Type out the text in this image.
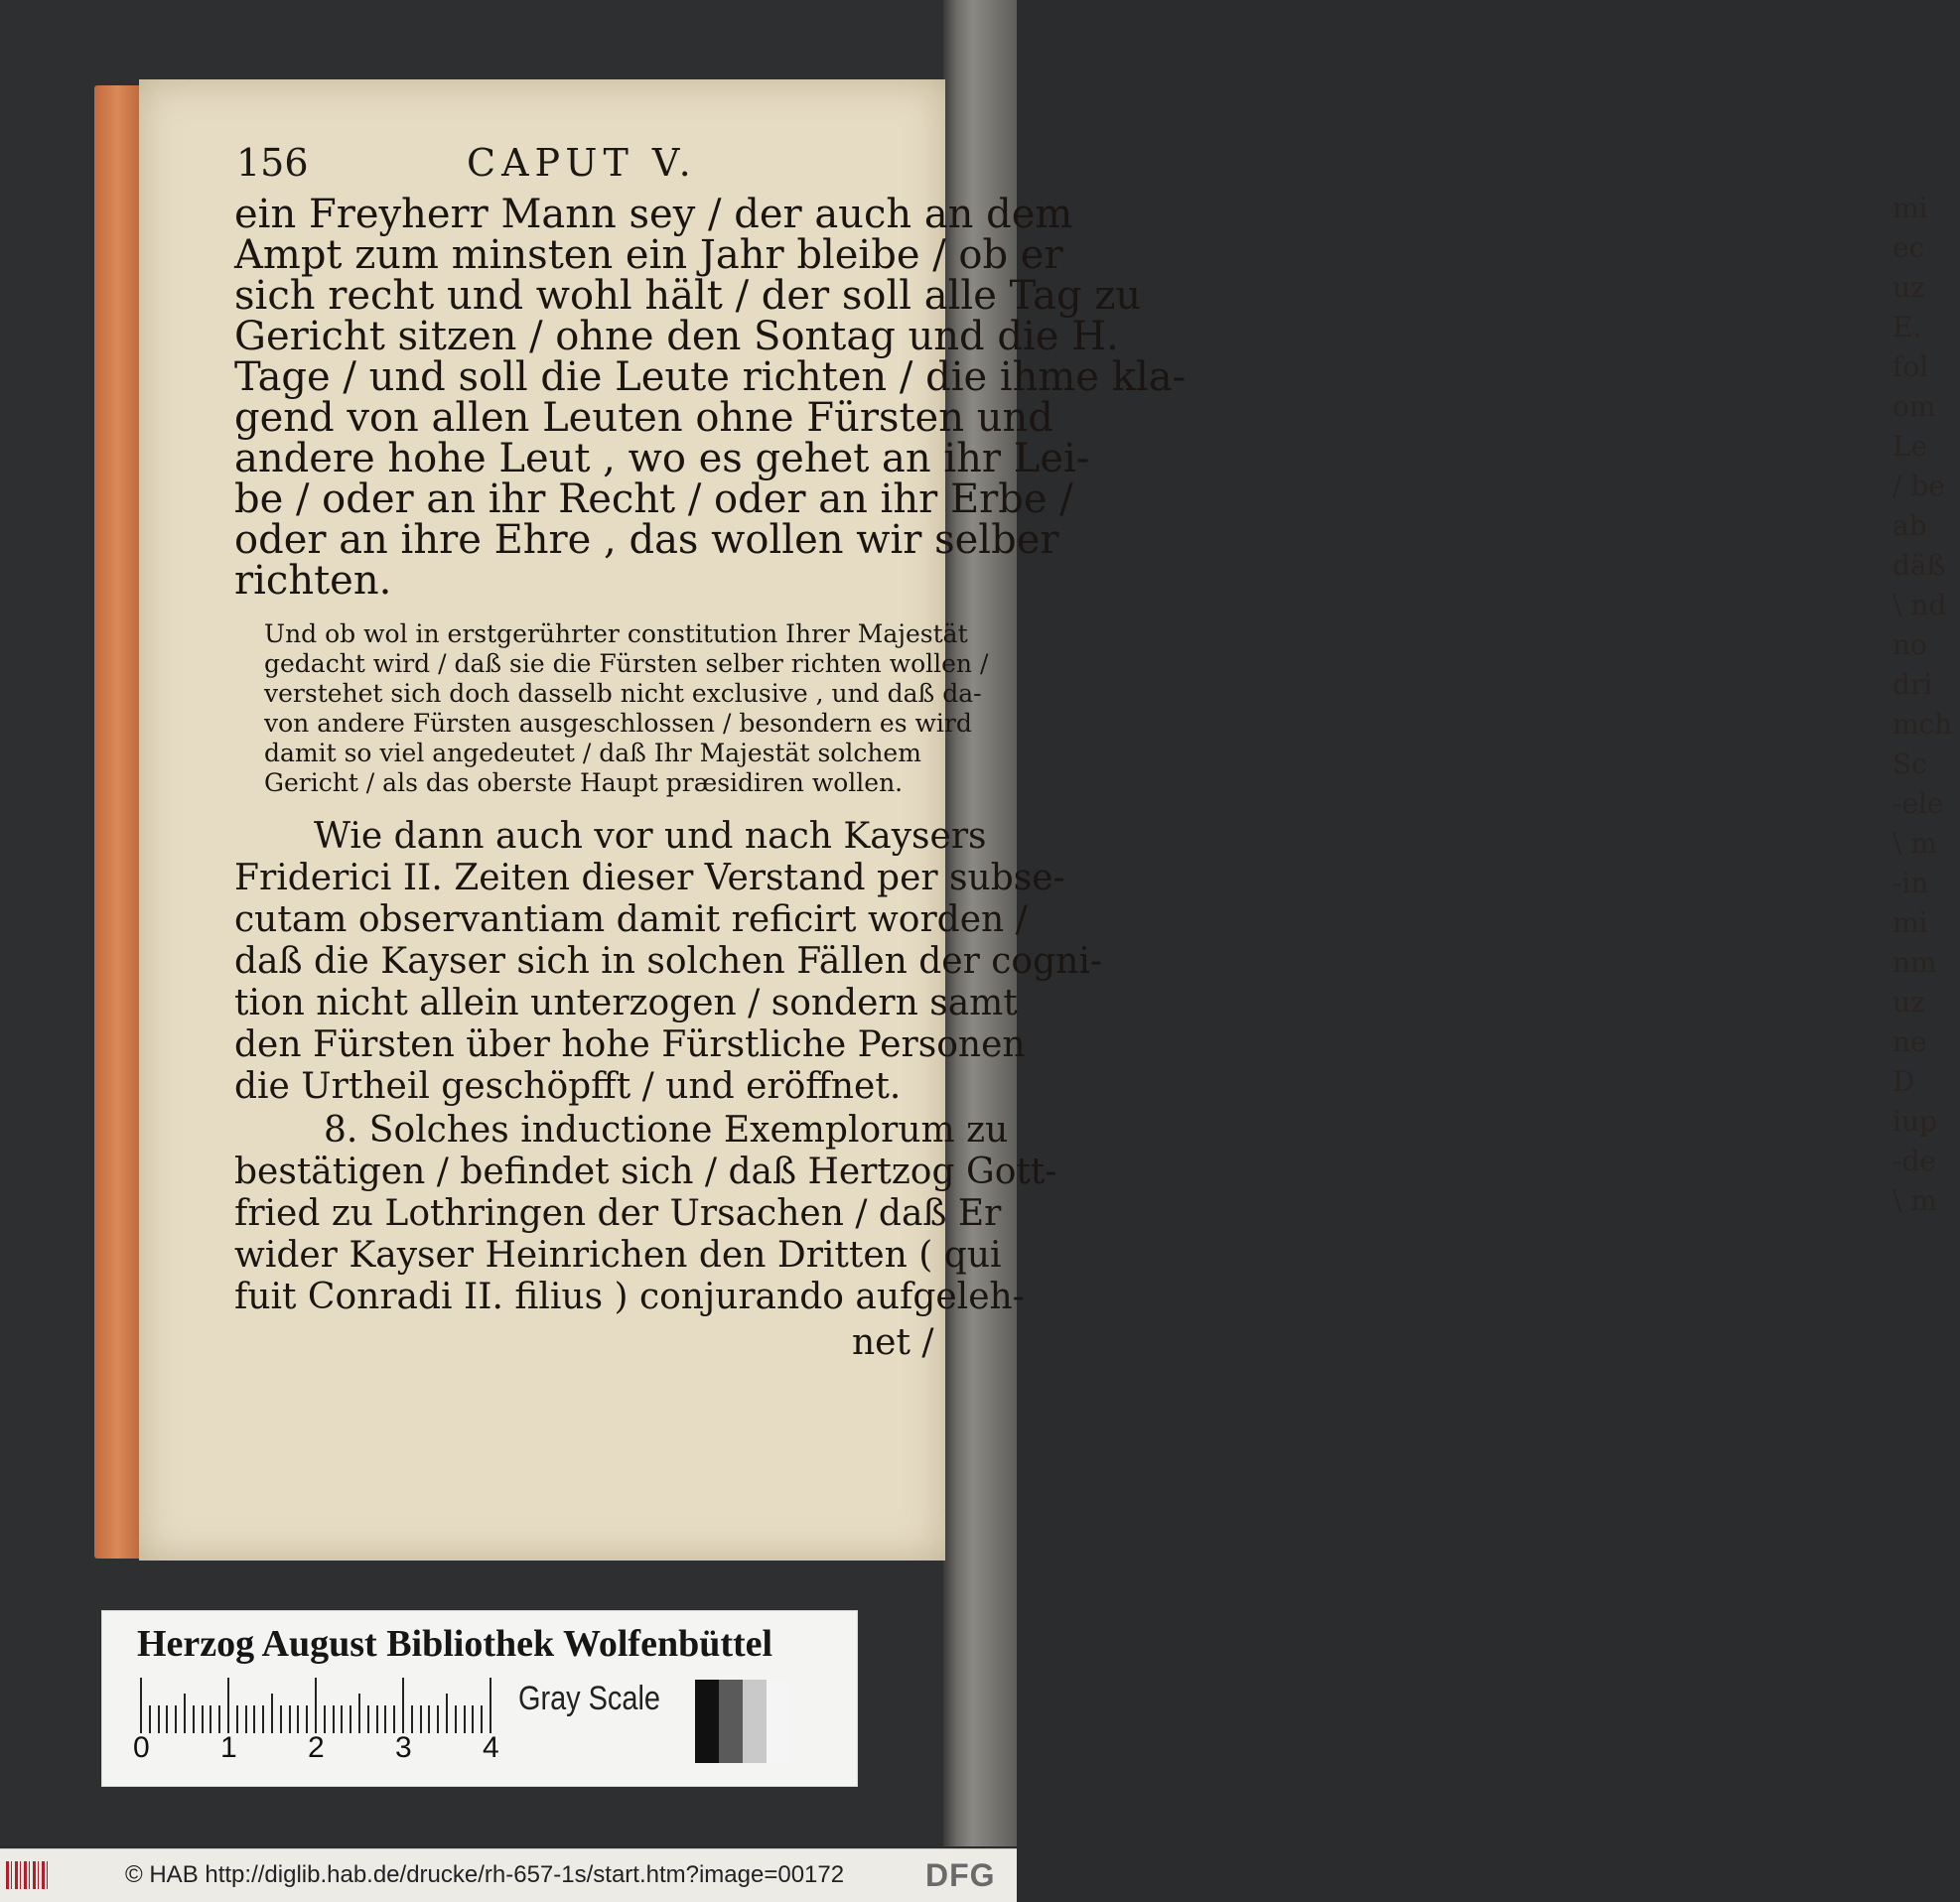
mi
ec
uz
E.
fol
om
Le
/ be
ab
däß
\ nd
no
dri
mch
Sc
-ele
\ m
-in
mi
nm
uz
ne
D
iup
-de
\ m
156	CAPUT V.
ein Freyherr Mann sey / der auch an dem
Ampt zum minsten ein Jahr bleibe / ob er
sich recht und wohl hält / der soll alle Tag zu
Gericht sitzen / ohne den Sontag und die H.
Tage / und soll die Leute richten / die ihme kla-
gend von allen Leuten ohne Fürsten und
andere hohe Leut , wo es gehet an ihr Lei-
be / oder an ihr Recht / oder an ihr Erbe /
oder an ihre Ehre , das wollen wir selber
richten.
Und ob wol in erstgerührter constitution Ihrer Majestät
gedacht wird / daß sie die Fürsten selber richten wollen /
verstehet sich doch dasselb nicht exclusive , und daß da-
von andere Fürsten ausgeschlossen / besondern es wird
damit so viel angedeutet / daß Ihr Majestät solchem
Gericht / als das oberste Haupt præsidiren wollen.
Wie dann auch vor und nach Kaysers
Friderici II. Zeiten dieser Verstand per subse-
cutam observantiam damit reficirt worden /
daß die Kayser sich in solchen Fällen der cogni-
tion nicht allein unterzogen / sondern samt
den Fürsten über hohe Fürstliche Personen
die Urtheil geschöpfft / und eröffnet.
8. Solches inductione Exemplorum zu
bestätigen / befindet sich / daß Hertzog Gott-
fried zu Lothringen der Ursachen / daß Er
wider Kayser Heinrichen den Dritten ( qui
fuit Conradi II. filius ) conjurando aufgeleh-
net /
Herzog August Bibliothek Wolfenbüttel
0 1 2 3 4
Gray Scale
© HAB http://diglib.hab.de/drucke/rh-657-1s/start.htm?image=00172	DFG
